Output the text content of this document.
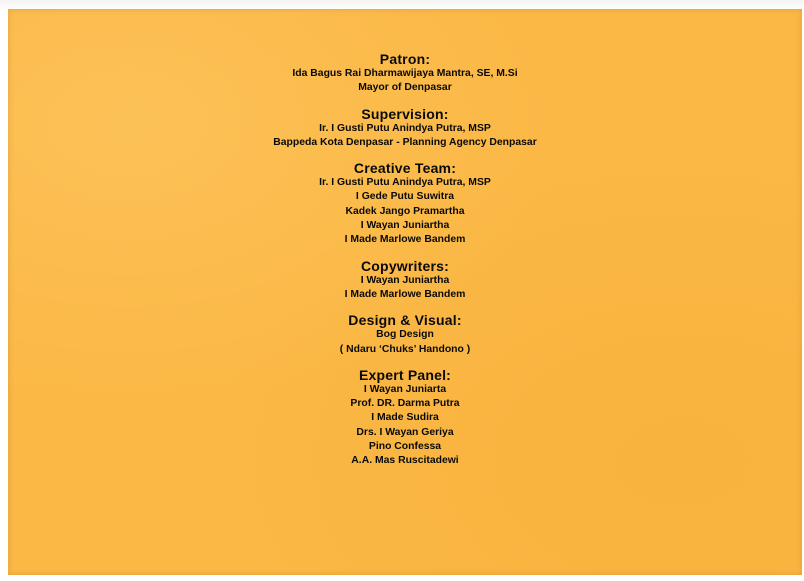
Patron:
Ida Bagus Rai Dharmawijaya Mantra, SE, M.Si
Mayor of Denpasar
Supervision:
Ir. I Gusti Putu Anindya Putra, MSP
Bappeda Kota Denpasar - Planning Agency Denpasar
Creative Team:
Ir. I Gusti Putu Anindya Putra, MSP
I Gede Putu Suwitra
Kadek Jango Pramartha
I Wayan Juniartha
I Made Marlowe Bandem
Copywriters:
I Wayan Juniartha
I Made Marlowe Bandem
Design & Visual:
Bog Design
( Ndaru ‘Chuks’ Handono )
Expert Panel:
I Wayan Juniarta
Prof. DR. Darma Putra
I Made Sudira
Drs. I Wayan Geriya
Pino Confessa
A.A. Mas Ruscitadewi
